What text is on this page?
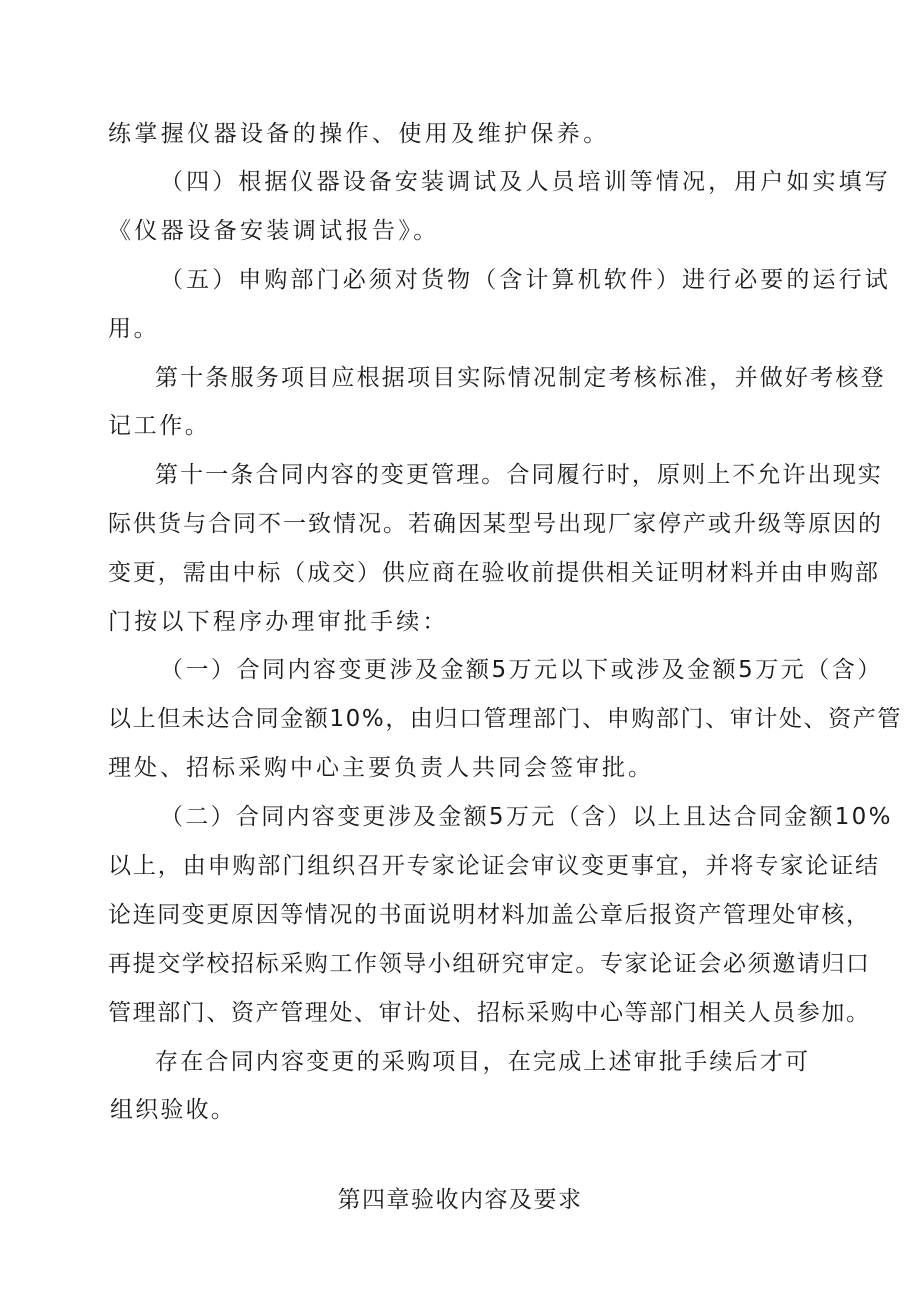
练掌握仪器设备的操作、使用及维护保养。
（四）根据仪器设备安装调试及人员培训等情况，用户如实填写
《仪器设备安装调试报告》。
（五）申购部门必须对货物（含计算机软件）进行必要的运行试
用。
第十条服务项目应根据项目实际情况制定考核标准，并做好考核登
记工作。
第十一条合同内容的变更管理。合同履行时，原则上不允许出现实
际供货与合同不一致情况。若确因某型号出现厂家停产或升级等原因的
变更，需由中标（成交）供应商在验收前提供相关证明材料并由申购部
门按以下程序办理审批手续：
（一）合同内容变更涉及金额5万元以下或涉及金额5万元（含）
以上但未达合同金额10%，由归口管理部门、申购部门、审计处、资产管
理处、招标采购中心主要负责人共同会签审批。
（二）合同内容变更涉及金额5万元（含）以上且达合同金额10%
以上，由申购部门组织召开专家论证会审议变更事宜，并将专家论证结
论连同变更原因等情况的书面说明材料加盖公章后报资产管理处审核，
再提交学校招标采购工作领导小组研究审定。专家论证会必须邀请归口
管理部门、资产管理处、审计处、招标采购中心等部门相关人员参加。
存在合同内容变更的采购项目，在完成上述审批手续后才可
组织验收。
第四章验收内容及要求
